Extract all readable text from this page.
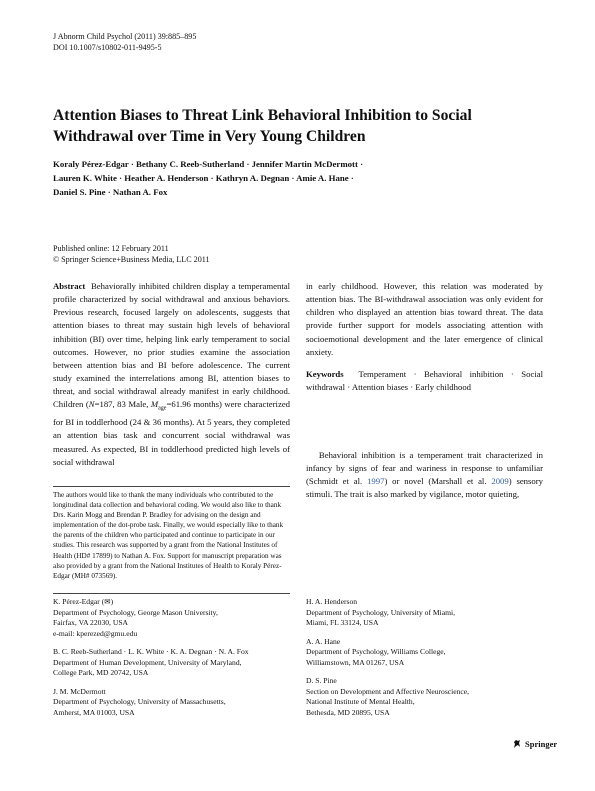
J Abnorm Child Psychol (2011) 39:885–895
DOI 10.1007/s10802-011-9495-5
Attention Biases to Threat Link Behavioral Inhibition to Social Withdrawal over Time in Very Young Children
Koraly Pérez-Edgar · Bethany C. Reeb-Sutherland · Jennifer Martin McDermott ·
Lauren K. White · Heather A. Henderson · Kathryn A. Degnan · Amie A. Hane ·
Daniel S. Pine · Nathan A. Fox
Published online: 12 February 2011
© Springer Science+Business Media, LLC 2011
Abstract Behaviorally inhibited children display a temperamental profile characterized by social withdrawal and anxious behaviors. Previous research, focused largely on adolescents, suggests that attention biases to threat may sustain high levels of behavioral inhibition (BI) over time, helping link early temperament to social outcomes. However, no prior studies examine the association between attention bias and BI before adolescence. The current study examined the interrelations among BI, attention biases to threat, and social withdrawal already manifest in early childhood. Children (N=187, 83 Male, $M_{age}=61.96$ months) were characterized for BI in toddlerhood (24 & 36 months). At 5 years, they completed an attention bias task and concurrent social withdrawal was measured. As expected, BI in toddlerhood predicted high levels of social withdrawal
in early childhood. However, this relation was moderated by attention bias. The BI-withdrawal association was only evident for children who displayed an attention bias toward threat. The data provide further support for models associating attention with socioemotional development and the later emergence of clinical anxiety.
Keywords Temperament · Behavioral inhibition · Social withdrawal · Attention biases · Early childhood
Behavioral inhibition is a temperament trait characterized in infancy by signs of fear and wariness in response to unfamiliar (Schmidt et al. 1997) or novel (Marshall et al. 2009) sensory stimuli. The trait is also marked by vigilance, motor quieting,
The authors would like to thank the many individuals who contributed to the longitudinal data collection and behavioral coding. We would also like to thank Drs. Karin Mogg and Brendan P. Bradley for advising on the design and implementation of the dot-probe task. Finally, we would especially like to thank the parents of the children who participated and continue to participate in our studies. This research was supported by a grant from the National Institutes of Health (HD# 17899) to Nathan A. Fox. Support for manuscript preparation was also provided by a grant from the National Institutes of Health to Koraly Pérez-Edgar (MH# 073569).
K. Pérez-Edgar (✉)
Department of Psychology, George Mason University,
Fairfax, VA 22030, USA
e-mail: kperezed@gmu.edu
B. C. Reeb-Sutherland · L. K. White · K. A. Degnan · N. A. Fox
Department of Human Development, University of Maryland,
College Park, MD 20742, USA
J. M. McDermott
Department of Psychology, University of Massachusetts,
Amherst, MA 01003, USA
H. A. Henderson
Department of Psychology, University of Miami,
Miami, FL 33124, USA
A. A. Hane
Department of Psychology, Williams College,
Williamstown, MA 01267, USA
D. S. Pine
Section on Development and Affective Neuroscience,
National Institute of Mental Health,
Bethesda, MD 20895, USA
Springer
